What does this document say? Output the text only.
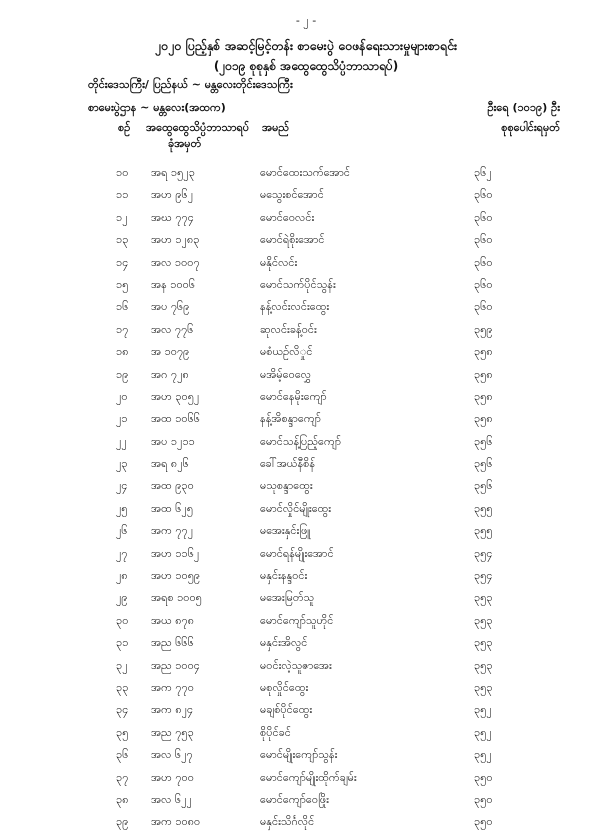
- ၂ -
၂၀၂၀ ပြည့်နှစ် အဆင့်မြင့်တန်း စာမေးပွဲ ဝေဖန်ရေးသားမှုများစာရင်း
(၂၀၁၉ စုစုနှစ် အထွေထွေသိပ္ပံဘာသာရပ်)
တိုင်းဒေသကြီး/ ပြည်နယ် ~ မန္တလေးတိုင်းဒေသကြီး
စာမေးပွဲဌာန ~ မန္တလေး(အထက)	ဦးရေ (၁၀၁၉) ဦး
စဉ် အထွေထွေသိပ္ပံဘာသာရပ်
ခုံအမှတ်
အမည်	စုစုပေါင်းရမှတ်
၁၀ အရ ၁၅၂၃	မောင်ထေးသက်အောင်	၃၆၂
၁၁ အဟ ၉၆၂	မသွေးစင်အောင်	၃၆၀
၁၂ အဃ ၇၇၄	မောင်ဝေလင်း	၃၆၀
၁၃ အဟ ၁၂၈၃	မောင်ရဲစိုးအောင်	၃၆၀
၁၄ အလ ၁၀၀၇	မနိုင်လင်း	၃၆၀
၁၅ အန ၁၀၀၆	မောင်သက်ပိုင်သွန်း	၃၆၀
၁၆ အပ ၇၆၉	နန့်လင်းလင်းထွေး	၃၆၀
၁၇ အလ ၇၇၆	ဆုလင်းခန့်ဝင်း	၃၅၉
၁၈ အ ၁၀၇၉	မစံယဉ်လိှုင်	၃၅၈
၁၉ အဂ ၇၂၈	မအိမ့်ဝေလွှေ	၃၅၈
၂၀ အဟ ၃၀၅၂	မောင်နေမိုးကျော်	၃၅၈
၂၁ အထ ၁၀၆၆	နန့်အိစန္ဒာကျော်	၃၅၈
၂၂ အပ ၁၂၁၁	မောင်သန့်ပြည့်ကျော်	၃၅၆
၂၃ အရ ၈၂၆	ခေါ်အယ်နီစိန်	၃၅၆
၂၄ အထ ၉၃၀	မသုစန္ဒာထွေး	၃၅၆
၂၅ အထ ၆၂၅	မောင်လှိုင်မျိုးထွေး	၃၅၅
၂၆ အက ၇၇၂	မအေးနှင်းဖြူ	၃၅၅
၂၇ အဟ ၁၁၆၂	မောင်ရန်မျိုးအောင်	၃၅၄
၂၈ အဟ ၁၀၅၉	မနှင်းနန္ဒဝင်း	၃၅၄
၂၉ အရစ ၁၀၀၅	မအေးမြတ်သူ	၃၅၃
၃၀ အယ ၈၇၈	မောင်ကျော်သူဟိုင်	၃၅၃
၃၁ အည ၆၆၆	မနှင်းအိလွင်	၃၅၃
၃၂ အည ၁၀၀၄	မဝင်းလဲ့သူဇာအေး	၃၅၃
၃၃ အက ၇၇၀	မစုလှိုင်ထွေး	၃၅၃
၃၄ အက ၈၂၄	မချစ်ပိုင်ထွေး	၃၅၂
၃၅ အည ၇၅၃	စိုပိုင်ခင်	၃၅၂
၃၆ အလ ၆၂၇	မောင်မျိုးကျော်သွန်း	၃၅၂
၃၇ အဟ ၇၀၀	မောင်ကျော်မျိုးထိုက်ချမ်း	၃၅၀
၃၈ အလ ၆၂၂	မောင်ကျော်ဝေဖြိုး	၃၅၀
၃၉ အက ၁၀၈၀	မနှင်းသိင်္ဂလိုင်	၃၅၀
